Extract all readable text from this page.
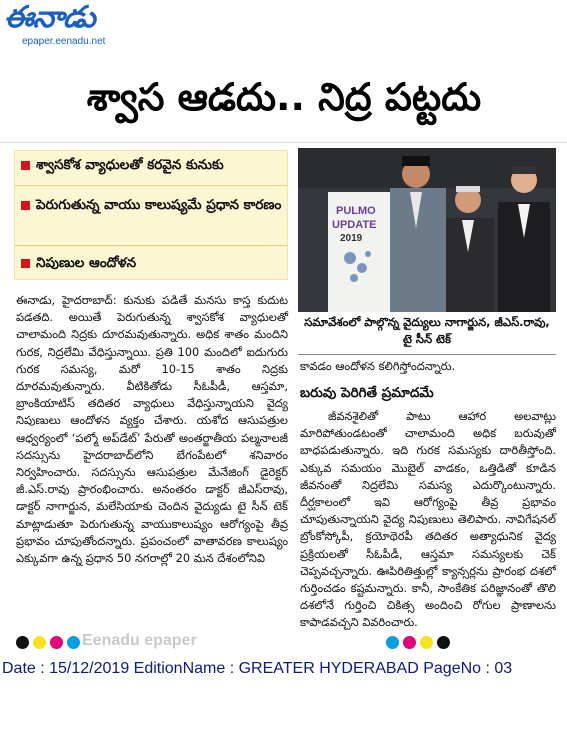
ఈనాడు
epaper.eenadu.net
శ్వాస ఆడదు.. నిద్ర పట్టదు
శ్వాసకోశ వ్యాధులతో కరవైన కునుకు
పెరుగుతున్న వాయు కాలుష్యమే ప్రధాన కారణం
నిపుణుల ఆందోళన

ఈనాడు, హైదరాబాద్‌: కునుకు పడితే మనసు కాస్త కుదుట పడతది. అయితే పెరుగుతున్న శ్వాసకోశ వ్యాధులతో చాలామంది నిద్రకు దూరమవుతున్నారు. అధిక శాతం మందిని గురక, నిద్రలేమి వేధిస్తున్నాయి. ప్రతి 100 మందిలో ఐదుగురు గురక సమస్య, మరో 10-15 శాతం నిద్రకు దూరమవుతున్నారు. వీటికితోడు సీఓపీడీ, ఆస్తమా, బ్రాంకియాటిస్‌ తదితర వ్యాధులు వేధిస్తున్నాయని వైద్య నిపుణులు ఆందోళన వ్యక్తం చేశారు. యశోద ఆసుపత్రుల ఆధ్వర్యంలో ‘పల్మో అప్‌డేట్‌’ పేరుతో అంతర్జాతీయ పల్మనాలజీ సదస్సును హైదరాబాద్‌లోని బేగంపేటలో శనివారం నిర్వహించారు. సదస్సును ఆసుపత్రుల మేనేజింగ్‌ డైరెక్టర్‌ జీ.ఎస్‌.రావు ప్రారంభించారు. అనంతరం డాక్టర్‌ జీఎస్‌రావు, డాక్టర్‌ నాగార్జున, మలేసియాకు చెందిన వైద్యుడు టై సీన్‌ టెక్‌ మాట్లాడుతూ పెరుగుతున్న వాయుకాలుష్యం ఆరోగ్యంపై తీవ్ర ప్రభావం చూపుతోందన్నారు. ప్రపంచంలో వాతావరణ కాలుష్యం ఎక్కువగా ఉన్న ప్రధాన 50 నగరాల్లో 20 మన దేశంలోనివి

PULMO
UPDATE
2019
సమావేశంలో పాల్గొన్న వైద్యులు నాగార్జున, జీఎస్‌.రావు, టై సీన్‌ టెక్‌
కావడం ఆందోళన కలిగిస్తోందన్నారు.
బరువు పెరిగితే ప్రమాదమే

జీవనశైలితో పాటు ఆహార అలవాట్లు మారిపోతుండటంతో చాలామంది అధిక బరువుతో బాధపడుతున్నారు. ఇది గురక సమస్యకు దారితీస్తోంది. ఎక్కువ సమయం మొబైల్‌ వాడకం, ఒత్తిడితో కూడిన జీవనంతో నిద్రలేమి సమస్య ఎదుర్కొంటున్నారు. దీర్ఘకాలంలో ఇవి ఆరోగ్యంపై తీవ్ర ప్రభావం చూపుతున్నాయని వైద్య నిపుణులు తెలిపారు. నావిగేషనల్‌ బ్రోంకోస్కోపీ, క్రయోథెరపీ తదితర అత్యాధునిక వైద్య ప్రక్రియలతో సీఓపీడీ, ఆస్తమా సమస్యలకు చెక్‌ చెప్పవచ్చన్నారు. ఊపిరితిత్తుల్లో క్యాన్సర్లను ప్రారంభ దశలో గుర్తించడం కష్టమన్నారు. కానీ, సాంకేతిక పరిజ్ఞానంతో తొలి దశలోనే గుర్తించి చికిత్స అందించి రోగుల ప్రాణాలను కాపాడవచ్చని వివరించారు.

Eenadu epaper
Date : 15/12/2019 EditionName : GREATER HYDERABAD PageNo : 03
